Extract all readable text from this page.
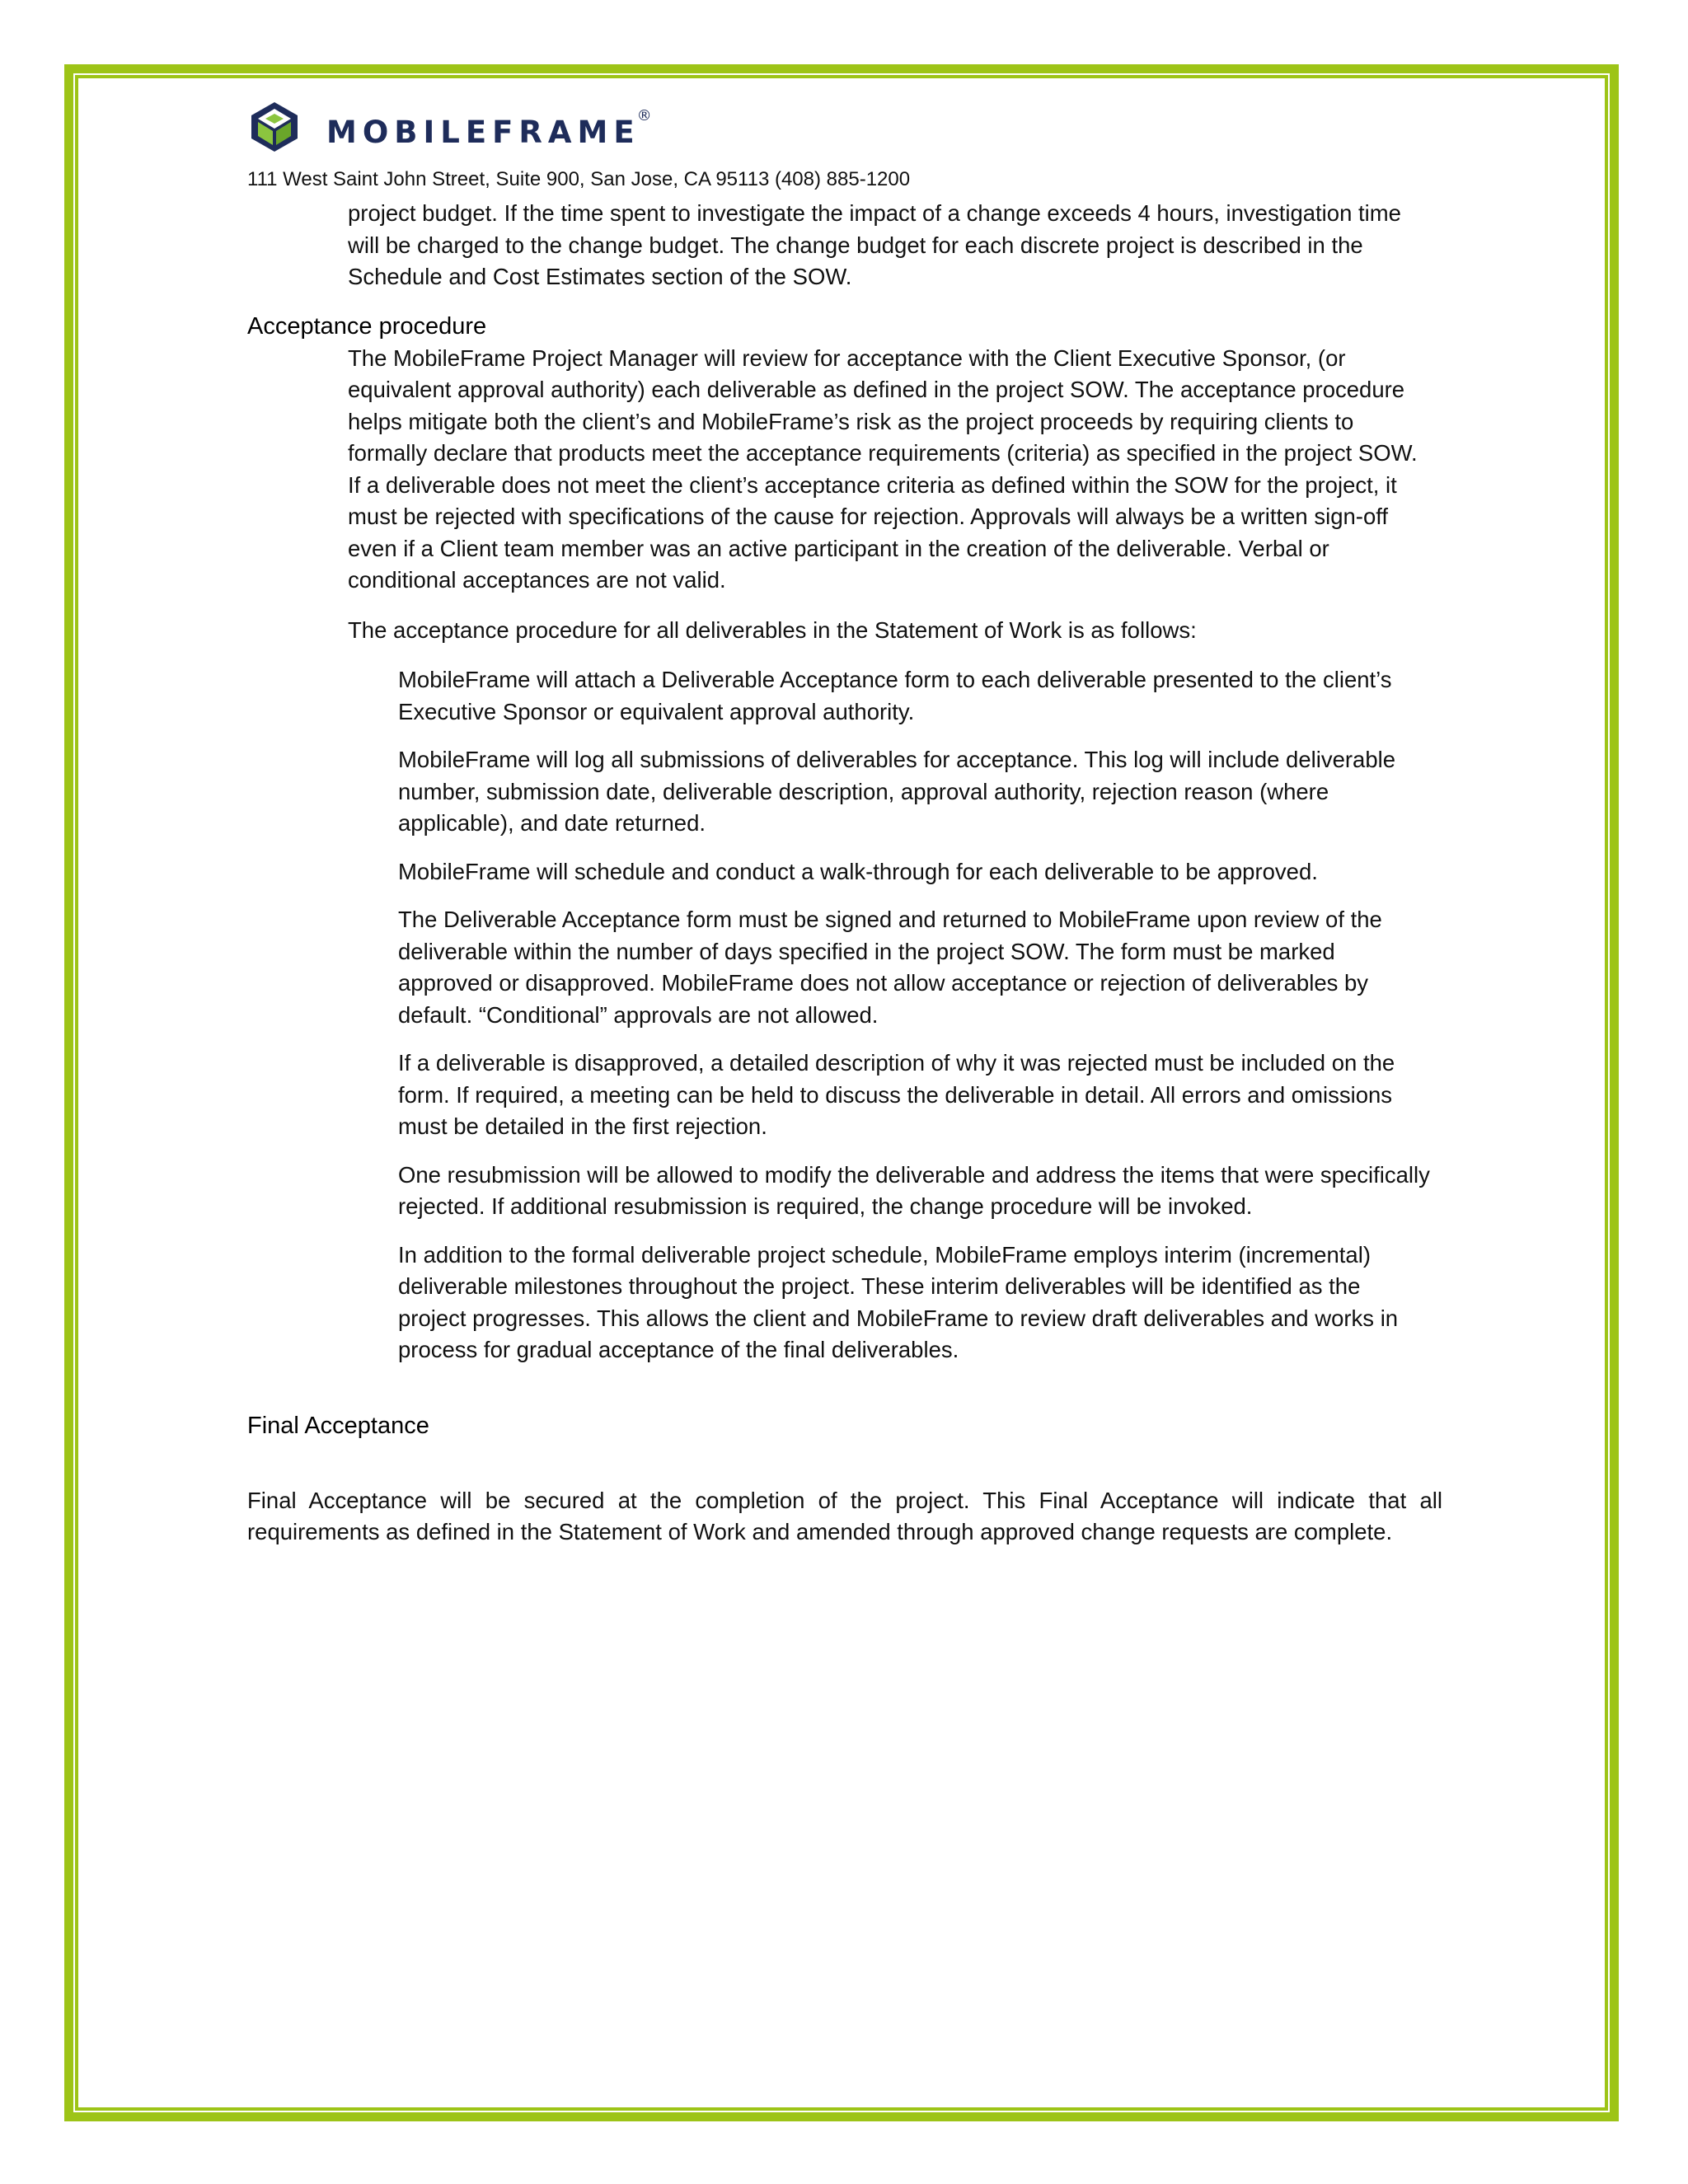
MOBILEFRAME
®
111 West Saint John Street, Suite 900, San Jose, CA 95113 (408) 885-1200

project budget. If the time spent to investigate the impact of a change exceeds 4 hours, investigation time will be charged to the change budget. The change budget for each discrete project is described in the Schedule and Cost Estimates section of the SOW.

Acceptance procedure

The MobileFrame Project Manager will review for acceptance with the Client Executive Sponsor, (or equivalent approval authority) each deliverable as defined in the project SOW. The acceptance procedure helps mitigate both the client’s and MobileFrame’s risk as the project proceeds by requiring clients to formally declare that products meet the acceptance requirements (criteria) as specified in the project SOW. If a deliverable does not meet the client’s acceptance criteria as defined within the SOW for the project, it must be rejected with specifications of the cause for rejection. Approvals will always be a written sign-off even if a Client team member was an active participant in the creation of the deliverable. Verbal or conditional acceptances are not valid.

The acceptance procedure for all deliverables in the Statement of Work is as follows:

MobileFrame will attach a Deliverable Acceptance form to each deliverable presented to the client’s Executive Sponsor or equivalent approval authority.

MobileFrame will log all submissions of deliverables for acceptance. This log will include deliverable number, submission date, deliverable description, approval authority, rejection reason (where applicable), and date returned.

MobileFrame will schedule and conduct a walk-through for each deliverable to be approved.

The Deliverable Acceptance form must be signed and returned to MobileFrame upon review of the deliverable within the number of days specified in the project SOW. The form must be marked approved or disapproved. MobileFrame does not allow acceptance or rejection of deliverables by default. “Conditional” approvals are not allowed.

If a deliverable is disapproved, a detailed description of why it was rejected must be included on the form. If required, a meeting can be held to discuss the deliverable in detail. All errors and omissions must be detailed in the first rejection.

One resubmission will be allowed to modify the deliverable and address the items that were specifically rejected. If additional resubmission is required, the change procedure will be invoked.

In addition to the formal deliverable project schedule, MobileFrame employs interim (incremental) deliverable milestones throughout the project. These interim deliverables will be identified as the project progresses. This allows the client and MobileFrame to review draft deliverables and works in process for gradual acceptance of the final deliverables.

Final Acceptance

Final Acceptance will be secured at the completion of the project. This Final Acceptance will indicate that all requirements as defined in the Statement of Work and amended through approved change requests are complete.
